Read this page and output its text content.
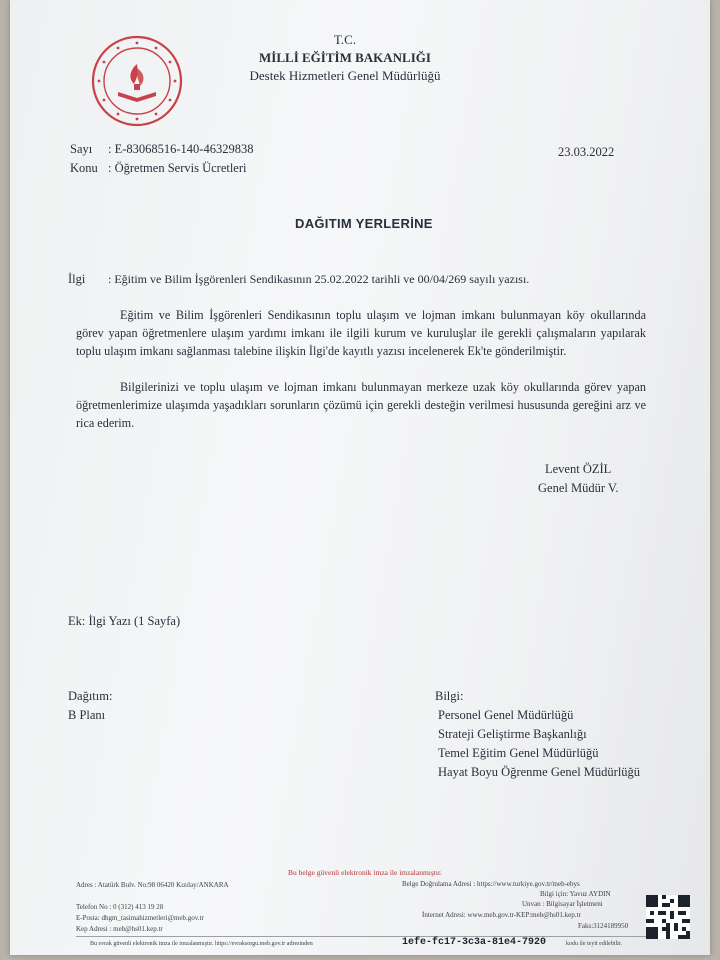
T.C.
MİLLİ EĞİTİM BAKANLIĞI
Destek Hizmetleri Genel Müdürlüğü
Sayı : E-83068516-140-46329838
Konu : Öğretmen Servis Ücretleri
23.03.2022
DAĞITIM YERLERİNE
İlgi : Eğitim ve Bilim İşgörenleri Sendikasının 25.02.2022 tarihli ve 00/04/269 sayılı yazısı.
Eğitim ve Bilim İşgörenleri Sendikasının toplu ulaşım ve lojman imkanı bulunmayan köy okullarında görev yapan öğretmenlere ulaşım yardımı imkanı ile ilgili kurum ve kuruluşlar ile gerekli çalışmaların yapılarak toplu ulaşım imkanı sağlanması talebine ilişkin İlgi'de kayıtlı yazısı incelenerek Ek'te gönderilmiştir.
Bilgilerinizi ve toplu ulaşım ve lojman imkanı bulunmayan merkeze uzak köy okullarında görev yapan öğretmenlerimize ulaşımda yaşadıkları sorunların çözümü için gerekli desteğin verilmesi hususunda gereğini arz ve rica ederim.
Levent ÖZİL
Genel Müdür V.
Ek: İlgi Yazı (1 Sayfa)
Dağıtım:
B Planı
Bilgi:
Personel Genel Müdürlüğü
Strateji Geliştirme Başkanlığı
Temel Eğitim Genel Müdürlüğü
Hayat Boyu Öğrenme Genel Müdürlüğü
Bu belge güvenli elektronik imza ile imzalanmıştır.
Adres : Atatürk Bulv. No:98 06420 Kızılay/ANKARA	Belge Doğrulama Adresi : https://www.turkiye.gov.tr/meb-ebys
Bilgi için: Yavuz AYDIN
Telefon No : 0 (312) 413 19 28	Unvan : Bilgisayar İşletmeni
E-Posta: dhgm_tasimahizmetleri@meb.gov.tr	İnternet Adresi: www.meb.gov.tr-KEP:meb@hs01.kep.tr
Kep Adresi : meb@hs01.kep.tr	Faks:3124189950
Bu evrak güvenli elektronik imza ile imzalanmıştır. https://evraksorgu.meb.gov.tr adresinden	1efe-fc17-3c3a-81e4-7920	kodu ile teyit edilebilir.
